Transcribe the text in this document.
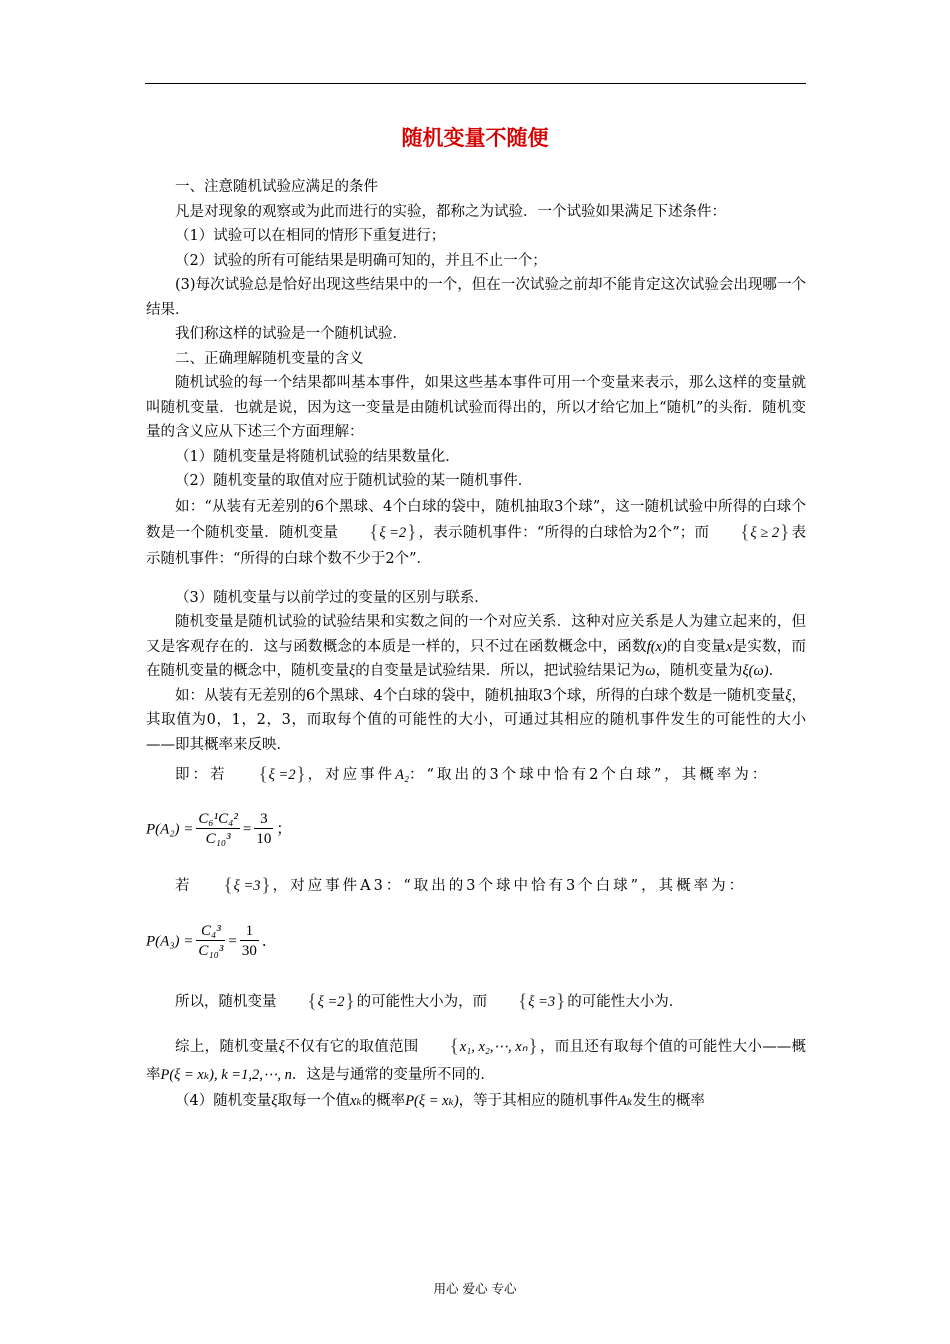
随机变量不随便

一、注意随机试验应满足的条件

凡是对现象的观察或为此而进行的实验，都称之为试验．一个试验如果满足下述条件：

（1）试验可以在相同的情形下重复进行；

（2）试验的所有可能结果是明确可知的，并且不止一个；

(3)每次试验总是恰好出现这些结果中的一个，但在一次试验之前却不能肯定这次试验会出现哪一个结果．

我们称这样的试验是一个随机试验．

二、正确理解随机变量的含义

随机试验的每一个结果都叫基本事件，如果这些基本事件可用一个变量来表示，那么这样的变量就叫随机变量．也就是说，因为这一变量是由随机试验而得出的，所以才给它加上“随机”的头衔．随机变量的含义应从下述三个方面理解：

（1）随机变量是将随机试验的结果数量化．

（2）随机变量的取值对应于随机试验的某一随机事件．

如：“从装有无差别的6个黑球、4个白球的袋中，随机抽取3个球”，这一随机试验中所得的白球个数是一个随机变量．随机变量	{ ξ =2 } ，表示随机事件：“所得的白球恰为2个”；而	{ ξ ≥ 2 } 表示随机事件：“所得的白球个数不少于2个”．

（3）随机变量与以前学过的变量的区别与联系．

随机变量是随机试验的试验结果和实数之间的一个对应关系．这种对应关系是人为建立起来的，但又是客观存在的．这与函数概念的本质是一样的，只不过在函数概念中，函数f(x)的自变量x是实数，而在随机变量的概念中，随机变量ξ的自变量是试验结果．所以，把试验结果记为ω，随机变量为ξ(ω)．

如：从装有无差别的6个黑球、4个白球的袋中，随机抽取3个球，所得的白球个数是一随机变量ξ，其取值为0，1，2，3，而取每个值的可能性的大小，可通过其相应的随机事件发生的可能性的大小——即其概率来反映．

即：若	{ ξ =2 } ，对应事件A₂：“取出的3个球中恰有2个白球”，其概率为：

$P(A_2) = \frac{\text{C₆¹C₄²}}{\text{C₁₀³}} = \frac{3}{10}$ ；

若	{ ξ =3 } ，对应事件A3：“取出的3个球中恰有3个白球”，其概率为：

$P(A_3) = \frac{\text{C₄³}}{\text{C₁₀³}} = \frac{1}{30}$ ．

所以，随机变量	{ ξ =2 } 的可能性大小为，而	{ ξ =3 } 的可能性大小为．

综上，随机变量ξ不仅有它的取值范围	{ x₁, x₂,⋯, xₙ } ，而且还有取每个值的可能性大小——概率P(ξ = xₖ), k =1,2,⋯, n．这是与通常的变量所不同的．

（4）随机变量ξ取每一个值xₖ的概率P(ξ = xₖ)，等于其相应的随机事件Aₖ发生的概率

用心 爱心 专心
